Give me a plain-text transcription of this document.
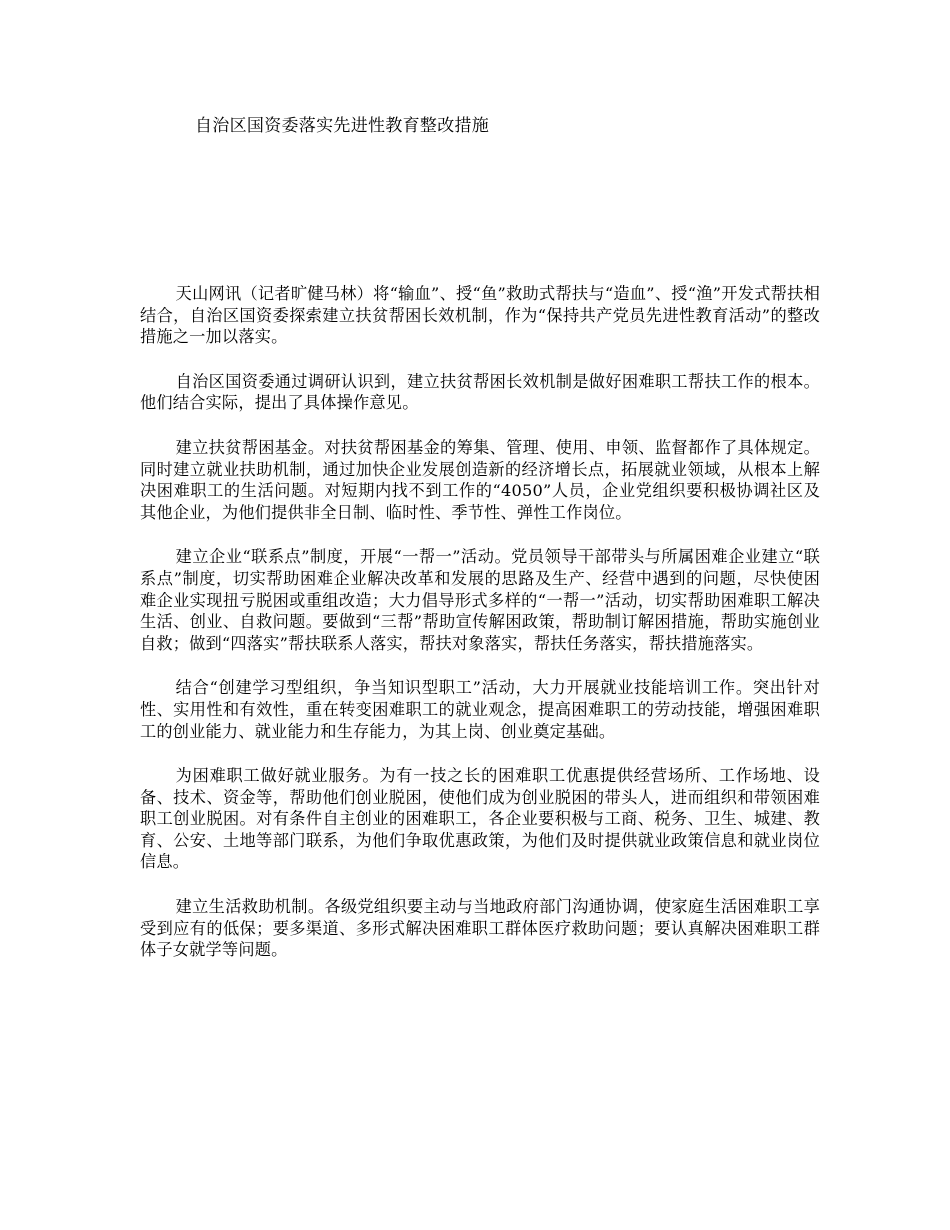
自治区国资委落实先进性教育整改措施

天山网讯（记者旷健马林）将“输血”、授“鱼”救助式帮扶与“造血”、授“渔”开发式帮扶相结合，自治区国资委探索建立扶贫帮困长效机制，作为“保持共产党员先进性教育活动”的整改措施之一加以落实。

自治区国资委通过调研认识到，建立扶贫帮困长效机制是做好困难职工帮扶工作的根本。他们结合实际，提出了具体操作意见。

建立扶贫帮困基金。对扶贫帮困基金的筹集、管理、使用、申领、监督都作了具体规定。同时建立就业扶助机制，通过加快企业发展创造新的经济增长点，拓展就业领域，从根本上解决困难职工的生活问题。对短期内找不到工作的“4050”人员，企业党组织要积极协调社区及其他企业，为他们提供非全日制、临时性、季节性、弹性工作岗位。

建立企业“联系点”制度，开展“一帮一”活动。党员领导干部带头与所属困难企业建立“联系点”制度，切实帮助困难企业解决改革和发展的思路及生产、经营中遇到的问题，尽快使困难企业实现扭亏脱困或重组改造；大力倡导形式多样的“一帮一”活动，切实帮助困难职工解决生活、创业、自救问题。要做到“三帮”帮助宣传解困政策，帮助制订解困措施，帮助实施创业自救；做到“四落实”帮扶联系人落实，帮扶对象落实，帮扶任务落实，帮扶措施落实。

结合“创建学习型组织，争当知识型职工”活动，大力开展就业技能培训工作。突出针对性、实用性和有效性，重在转变困难职工的就业观念，提高困难职工的劳动技能，增强困难职工的创业能力、就业能力和生存能力，为其上岗、创业奠定基础。

为困难职工做好就业服务。为有一技之长的困难职工优惠提供经营场所、工作场地、设备、技术、资金等，帮助他们创业脱困，使他们成为创业脱困的带头人，进而组织和带领困难职工创业脱困。对有条件自主创业的困难职工，各企业要积极与工商、税务、卫生、城建、教育、公安、土地等部门联系，为他们争取优惠政策，为他们及时提供就业政策信息和就业岗位信息。

建立生活救助机制。各级党组织要主动与当地政府部门沟通协调，使家庭生活困难职工享受到应有的低保；要多渠道、多形式解决困难职工群体医疗救助问题；要认真解决困难职工群体子女就学等问题。
